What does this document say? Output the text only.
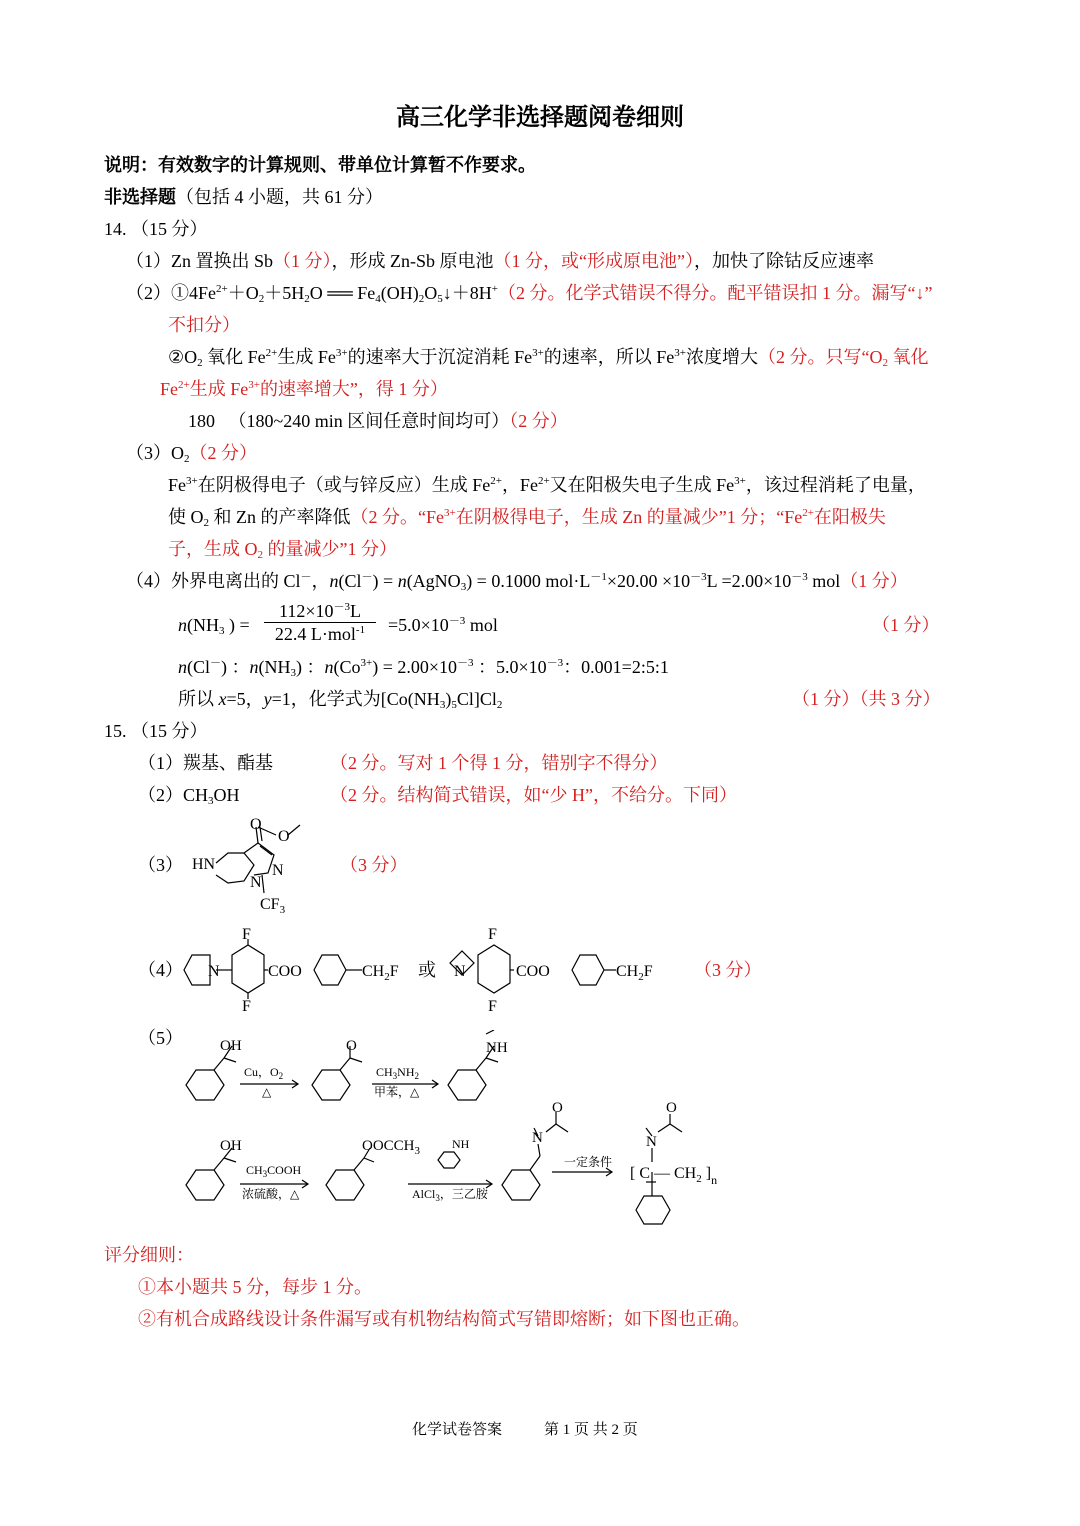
高三化学非选择题阅卷细则
说明：有效数字的计算规则、带单位计算暂不作要求。
非选择题（包括 4 小题，共 61 分）
14. （15 分）
（1）Zn 置换出 Sb（1 分），形成 Zn-Sb 原电池（1 分，或“形成原电池”），加快了除钴反应速率
$(2)①4Fe^{2+}+O_2+5H_2O$ ══ $Fe_4(OH)_2O_5↓+8H^+(2$ 分。化学式错误不得分。配平错误扣 1 分。漏写“↓”
不扣分）
$②O_2$ 氧化 $Fe^{2+}$生成 $Fe^{3+}$的速率大于沉淀消耗 $Fe^{3+}$的速率，所以 $Fe^{3+}$浓度增大（2 分。只写“$O_2$ 氧化
$Fe^{2+}$生成 $Fe^{3+}$的速率增大”，得 1 分）
180 （180~240 min 区间任意时间均可）（2 分）
$(3)O_2(2$ 分）
$Fe^{3+}$在阴极得电子（或与锌反应）生成 $Fe^{2+}$，$Fe^{2+}$又在阳极失电子生成 $Fe^{3+}$，该过程消耗了电量，
使 $O_2$ 和 Zn 的产率降低（2 分。“$Fe^{3+}$在阴极得电子，生成 Zn 的量减少”1 分；“$Fe^{2+}$在阳极失
子，生成 $O_2$ 的量减少”1 分）
（4）外界电离出的 Cl－，n(Cl－) = n(AgNO$_3$) = 0.1000 $mol\cdot L^{-1}\times 20.00 \times 10^{-3}L =2.00\times 10^{-3}$ mol（1 分）
$n(NH_3$ ) =
$112\times 10^{-3}L$
22.4 L·mol$^{-1}$	$=5.0\times 10^{-3}$ mol	（1 分）
n(Cl－) ：$n(NH_3)$ ：$n(Co^{3+}) = 2.00\times 10^{-3}$ ：$5.0\times 10^{-3}$：0.001=2:5:1
所以 x=5，y=1，化学式为$[Co(NH_3)_5Cl]Cl_2$	（1 分）（共 3 分）
15. （15 分）
（1）羰基、酯基	（2 分。写对 1 个得 1 分，错别字不得分）
$(2)CH_3OH$	（2 分。结构简式错误，如“少 H”，不给分。下同）
（3）	（3 分）
HN
O
O
N
N
$CF_3$
（4） N
F
F
COO	$CH_2F$ 或 N
F
F
COO	$CH_2F$ （3 分）
（5） OH
Cu，$O_2$
△
O
$CH_3NH_2$
甲苯，△
NH
OH
$CH_3COOH$
浓硫酸，△
$OOCCH_3$	NH
AlCl$_3$，三乙胺
N
O
一定条件
[ C — $CH_2$ ]$_n$
N
O
评分细则：
①本小题共 5 分，每步 1 分。
②有机合成路线设计条件漏写或有机物结构简式写错即熔断；如下图也正确。
化学试卷答案	第 1 页 共 2 页
